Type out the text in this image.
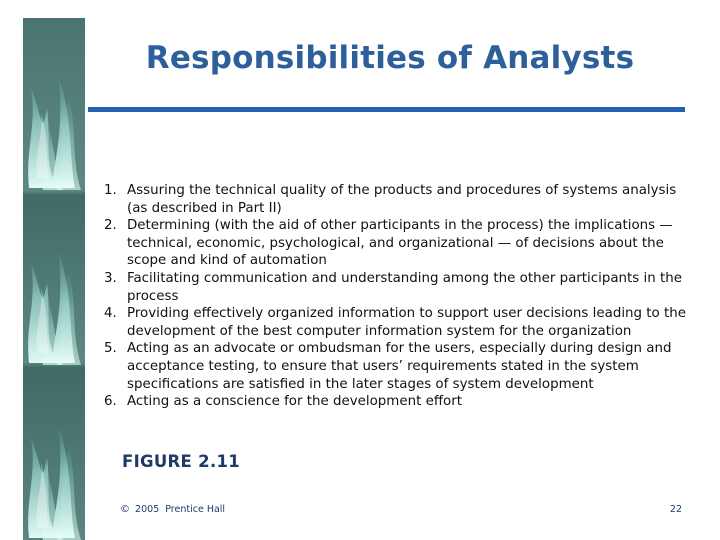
Responsibilities of Analysts
1. Assuring the technical quality of the products and procedures of systems analysis (as described in Part II)
2. Determining (with the aid of other participants in the process) the implications — technical, economic, psychological, and organizational — of decisions about the scope and kind of automation
3. Facilitating communication and understanding among the other participants in the process
4. Providing effectively organized information to support user decisions leading to the development of the best computer information system for the organization
5. Acting as an advocate or ombudsman for the users, especially during design and acceptance testing, to ensure that users’ requirements stated in the system specifications are satisfied in the later stages of system development
6. Acting as a conscience for the development effort
FIGURE 2.11
© 2005  Prentice Hall	22
